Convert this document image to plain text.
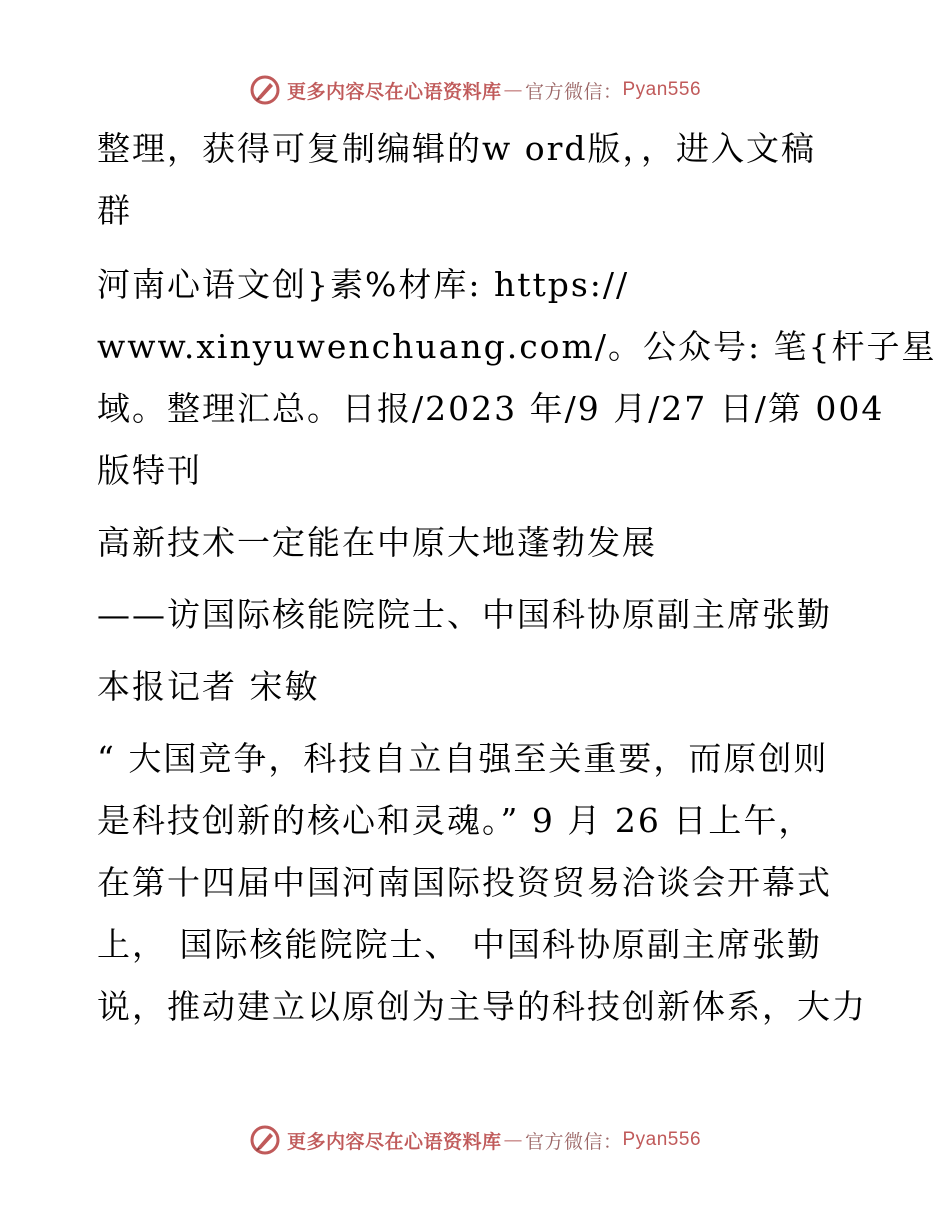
更多内容尽在心语资料库 — 官方微信： Pyan556
整理，获得可复制编辑的w ord版，，进入文稿
群
河南心语文创}素%材库: https://
www.xinyuwenchuang.com/。公众号: 笔{杆子星
域。整理汇总。日报/2023 年/9 月/27 日/第 004
版特刊
高新技术一定能在中原大地蓬勃发展
——访国际核能院院士、中国科协原副主席张勤
本报记者 宋敏
“ 大国竞争，科技自立自强至关重要，而原创则
是科技创新的核心和灵魂。” 9 月 26 日上午，
在第十四届中国河南国际投资贸易洽谈会开幕式
上， 国际核能院院士、 中国科协原副主席张勤
说，推动建立以原创为主导的科技创新体系，大力
更多内容尽在心语资料库 — 官方微信： Pyan556
